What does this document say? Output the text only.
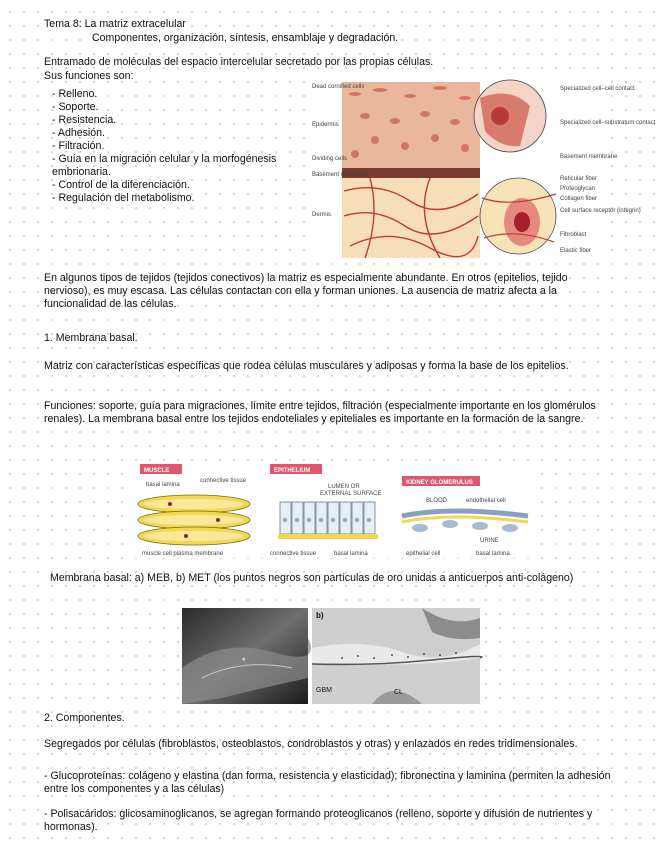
Tema 8: La matriz extracelular

Componentes, organización, síntesis, ensamblaje y degradación.

Entramado de moléculas del espacio intercelular secretado por las propias células.

Sus funciones son:

- Relleno.
- Soporte.
- Resistencia.
- Adhesión.
- Filtración.
- Guía en la migración celular y la morfogénesis embrionaria.
- Control de la diferenciación.
- Regulación del metabolismo.
Dead cornified cells
Epidermis
Dividing cells
Basement membrane
Dermis
Specialized cell–cell contact
Specialized cell–substratum contact
Basement membrane
Reticular fiber
Proteoglycan
Collagen fiber
Cell surface receptor (integrin)
Fibroblast
Elastic fiber

En algunos tipos de tejidos (tejidos conectivos) la matriz es especialmente abundante. En otros (epitelios, tejido nervioso), es muy escasa. Las células contactan con ella y forman uniones. La ausencia de matriz afecta a la funcionalidad de las células.

1. Membrana basal.

Matriz con características específicas que rodea células musculares y adiposas y forma la base de los epitelios.

Funciones: soporte, guía para migraciones, límite entre tejidos, filtración (especialmente importante en los glomérulos renales). La membrana basal entre los tejidos endoteliales y epiteliales es importante en la formación de la sangre.

MUSCLE
basal lamina
connective tissue
muscle cell plasma membrane
EPITHELIUM
LUMEN OR
EXTERNAL SURFACE
connective tissue	basal lamina
KIDNEY GLOMERULUS
BLOOD	endothelial cell
URINE
epithelial cell	basal lamina

Membrana basal: a) MEB, b) MET (los puntos negros son partículas de oro unidas a anticuerpos anti-colágeno)

*
b)
GBM	CL

2. Componentes.

Segregados por células (fibroblastos, osteoblastos, condroblastos y otras) y enlazados en redes tridimensionales.

- Glucoproteínas: colágeno y elastina (dan forma, resistencia y elasticidad); fibronectina y laminina (permiten la adhesión entre los componentes y a las células)

- Polisacáridos: glicosaminoglicanos, se agregan formando proteoglicanos (relleno, soporte y difusión de nutrientes y hormonas).
